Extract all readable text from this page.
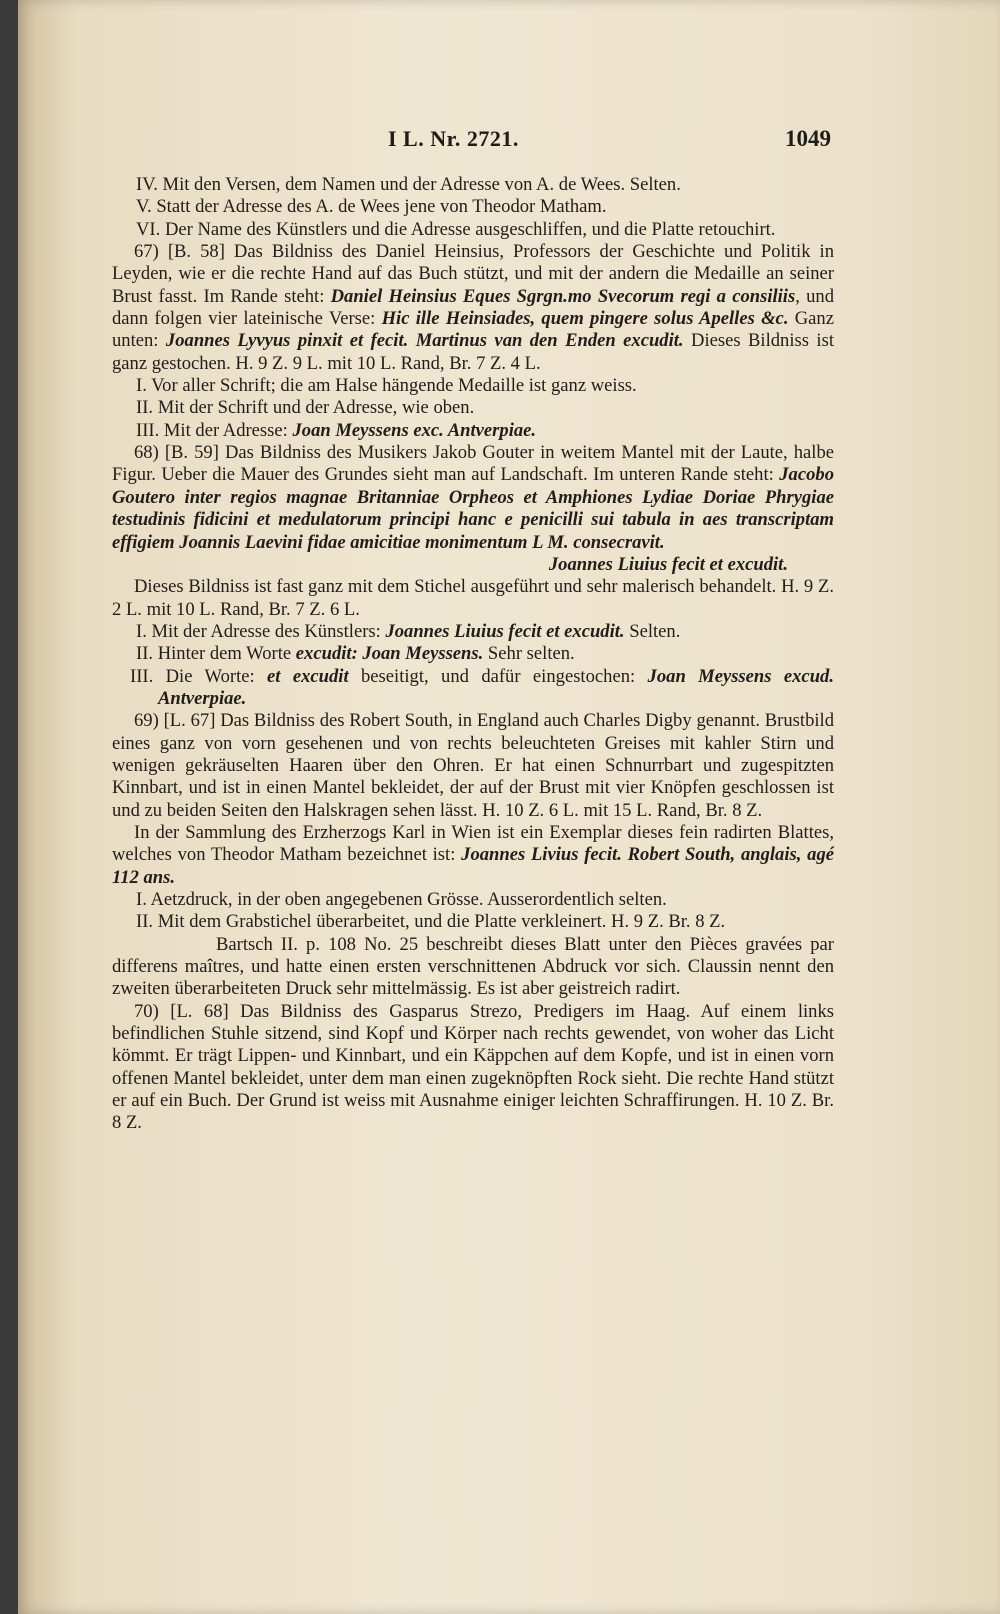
I L. Nr. 2721.	1049

IV. Mit den Versen, dem Namen und der Adresse von A. de Wees. Selten.

V. Statt der Adresse des A. de Wees jene von Theodor Matham.

VI. Der Name des Künstlers und die Adresse ausgeschliffen, und die Platte retouchirt.

67) [B. 58] Das Bildniss des Daniel Heinsius, Professors der Geschichte und Politik in Leyden, wie er die rechte Hand auf das Buch stützt, und mit der andern die Medaille an seiner Brust fasst. Im Rande steht: Daniel Heinsius Eques Sgrgn.mo Svecorum regi a consiliis, und dann folgen vier lateinische Verse: Hic ille Heinsiades, quem pingere solus Apelles &c. Ganz unten: Joannes Lyvyus pinxit et fecit. Martinus van den Enden excudit. Dieses Bildniss ist ganz gestochen. H. 9 Z. 9 L. mit 10 L. Rand, Br. 7 Z. 4 L.

I. Vor aller Schrift; die am Halse hängende Medaille ist ganz weiss.

II. Mit der Schrift und der Adresse, wie oben.

III. Mit der Adresse: Joan Meyssens exc. Antverpiae.

68) [B. 59] Das Bildniss des Musikers Jakob Gouter in weitem Mantel mit der Laute, halbe Figur. Ueber die Mauer des Grundes sieht man auf Landschaft. Im unteren Rande steht: Jacobo Goutero inter regios magnae Britanniae Orpheos et Amphiones Lydiae Doriae Phrygiae testudinis fidicini et medulatorum principi hanc e penicilli sui tabula in aes transcriptam effigiem Joannis Laevini fidae amicitiae monimentum L M. consecravit.

Joannes Liuius fecit et excudit.

Dieses Bildniss ist fast ganz mit dem Stichel ausgeführt und sehr malerisch behandelt. H. 9 Z. 2 L. mit 10 L. Rand, Br. 7 Z. 6 L.

I. Mit der Adresse des Künstlers: Joannes Liuius fecit et excudit. Selten.

II. Hinter dem Worte excudit: Joan Meyssens. Sehr selten.

III. Die Worte: et excudit beseitigt, und dafür eingestochen: Joan Meyssens excud. Antverpiae.

69) [L. 67] Das Bildniss des Robert South, in England auch Charles Digby genannt. Brustbild eines ganz von vorn gesehenen und von rechts beleuchteten Greises mit kahler Stirn und wenigen gekräuselten Haaren über den Ohren. Er hat einen Schnurrbart und zugespitzten Kinnbart, und ist in einen Mantel bekleidet, der auf der Brust mit vier Knöpfen geschlossen ist und zu beiden Seiten den Halskragen sehen lässt. H. 10 Z. 6 L. mit 15 L. Rand, Br. 8 Z.

In der Sammlung des Erzherzogs Karl in Wien ist ein Exemplar dieses fein radirten Blattes, welches von Theodor Matham bezeichnet ist: Joannes Livius fecit. Robert South, anglais, agé 112 ans.

I. Aetzdruck, in der oben angegebenen Grösse. Ausserordentlich selten.

II. Mit dem Grabstichel überarbeitet, und die Platte verkleinert. H. 9 Z. Br. 8 Z.

Bartsch II. p. 108 No. 25 beschreibt dieses Blatt unter den Pièces gravées par differens maîtres, und hatte einen ersten verschnittenen Abdruck vor sich. Claussin nennt den zweiten überarbeiteten Druck sehr mittelmässig. Es ist aber geistreich radirt.

70) [L. 68] Das Bildniss des Gasparus Strezo, Predigers im Haag. Auf einem links befindlichen Stuhle sitzend, sind Kopf und Körper nach rechts gewendet, von woher das Licht kömmt. Er trägt Lippen- und Kinnbart, und ein Käppchen auf dem Kopfe, und ist in einen vorn offenen Mantel bekleidet, unter dem man einen zugeknöpften Rock sieht. Die rechte Hand stützt er auf ein Buch. Der Grund ist weiss mit Ausnahme einiger leichten Schraffirungen. H. 10 Z. Br. 8 Z.
